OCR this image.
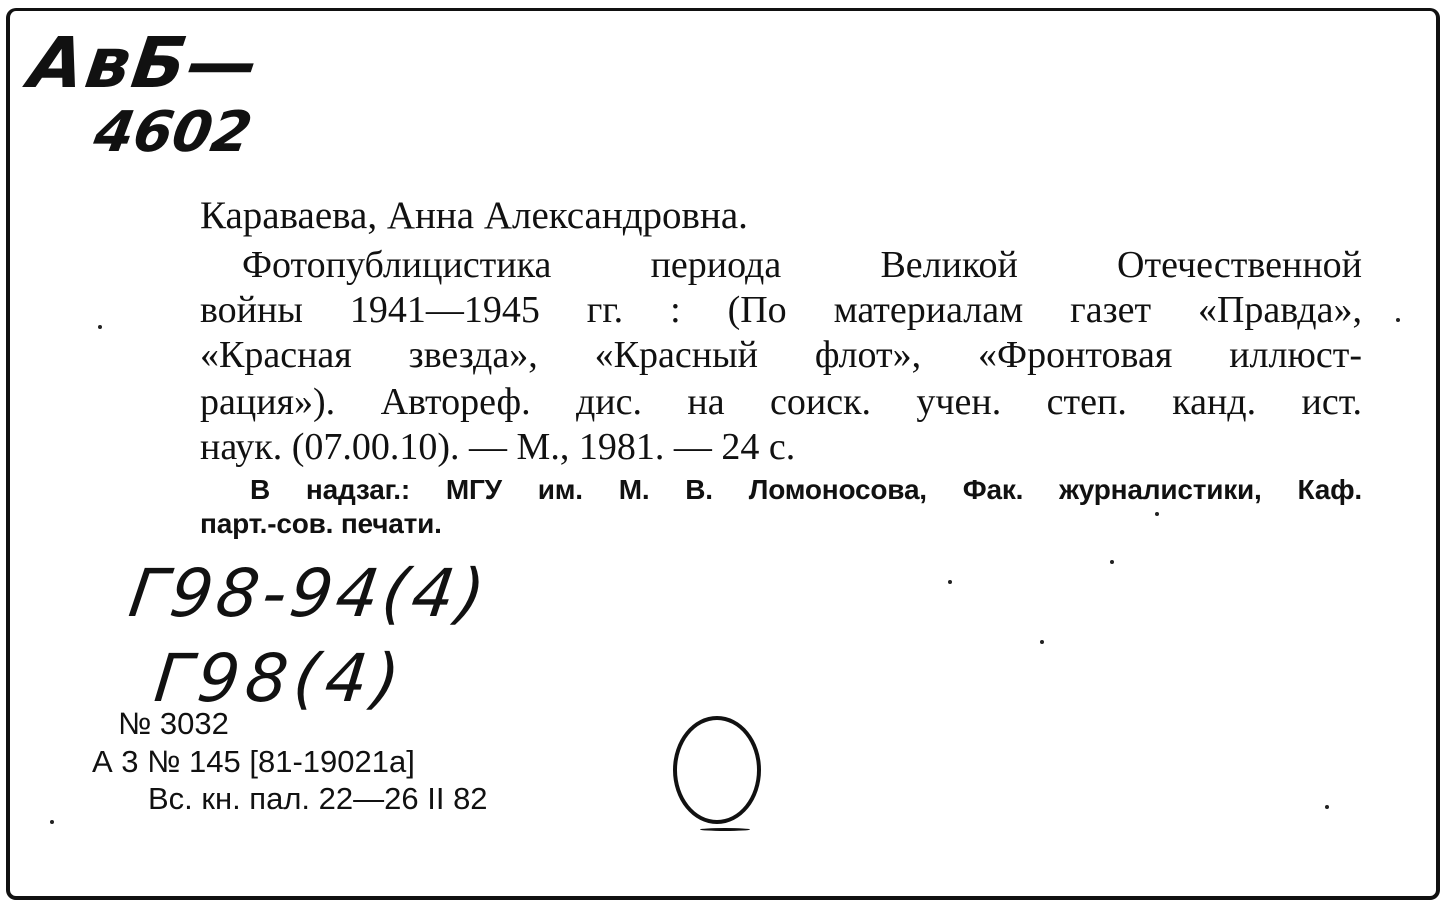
АвБ—
4602
Караваева, Анна Александровна.
Фотопублицистика периода Великой Отечественной
войны 1941—1945 гг. : (По материалам газет «Правда»,
«Красная звезда», «Красный флот», «Фронтовая иллюст-
рация»). Автореф. дис. на соиск. учен. степ. канд. ист.
наук. (07.00.10). — М., 1981. — 24 с.
В надзаг.: МГУ им. М. В. Ломоносова, Фак. журналистики, Каф.
парт.-сов. печати.
Г98-94(4)
Г98(4)
№ 3032
А 3 № 145 [81-19021а]
Вс. кн. пал. 22—26 II 82
